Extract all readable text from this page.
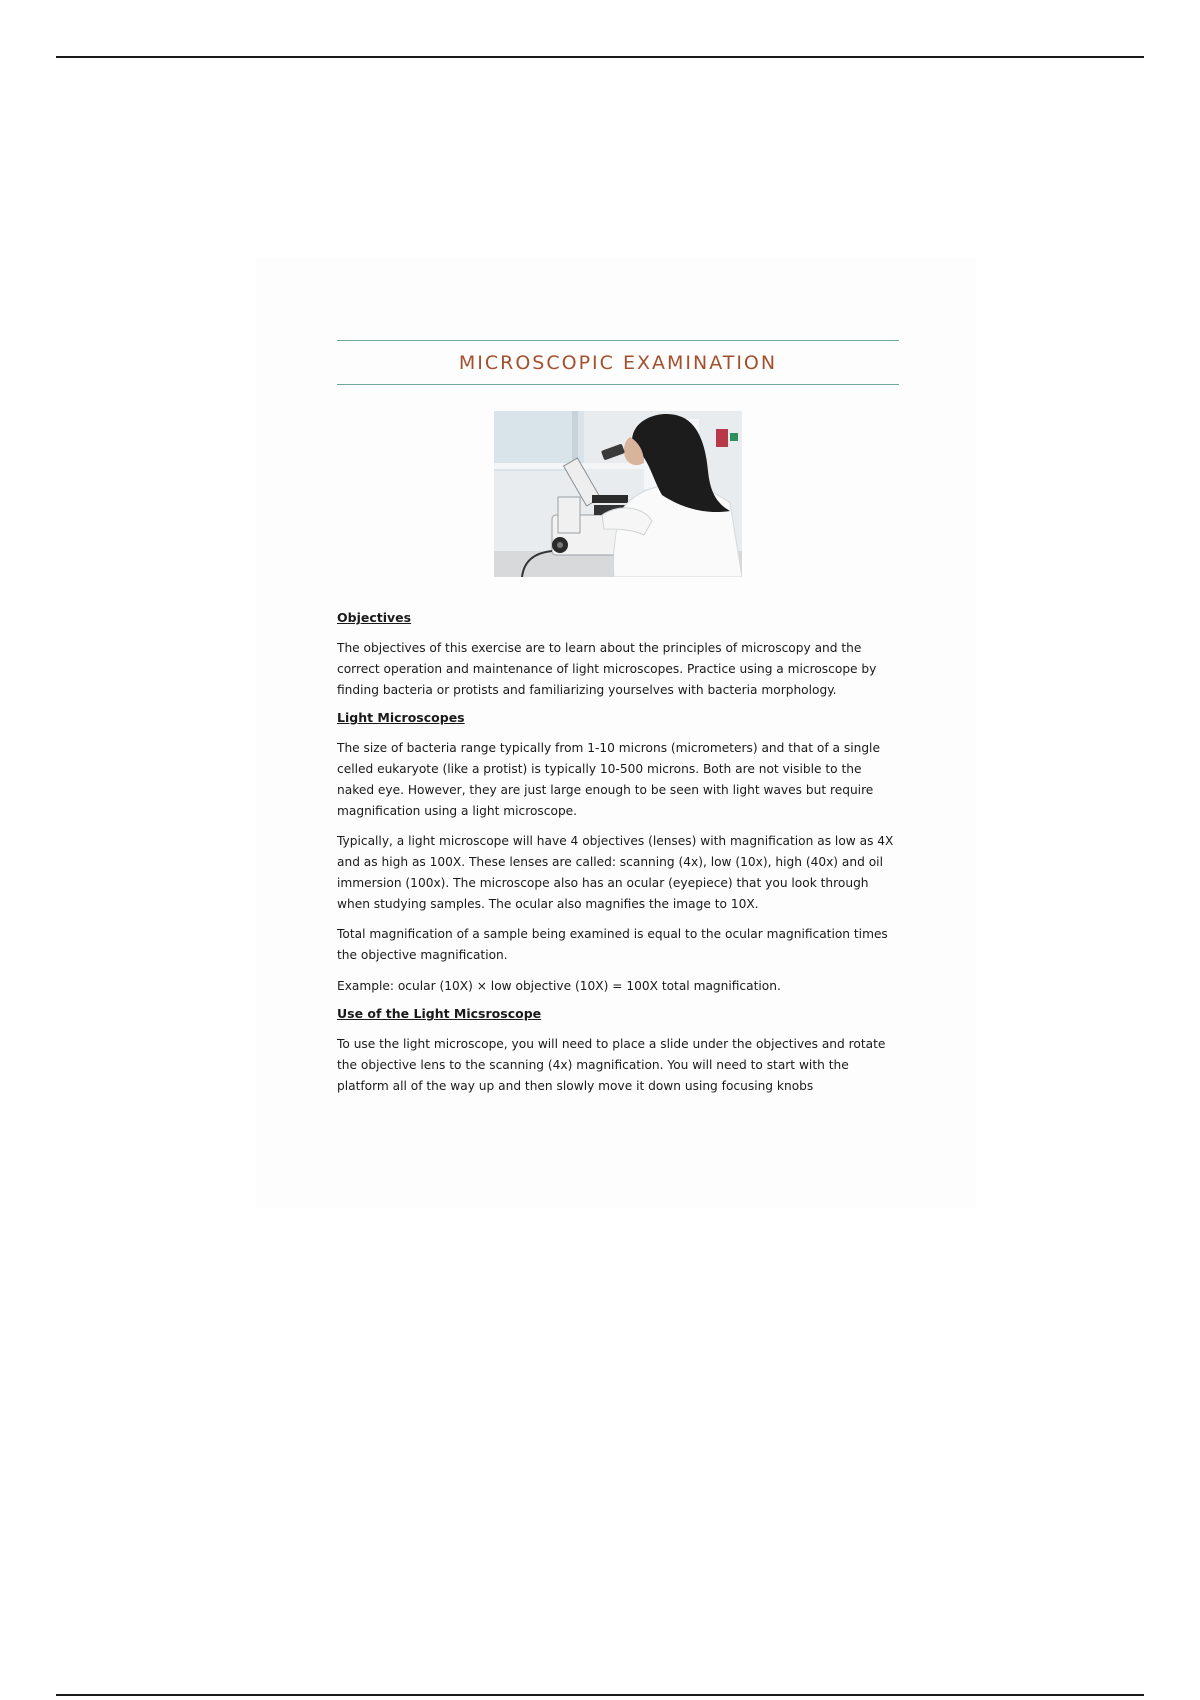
MICROSCOPIC EXAMINATION
Objectives

The objectives of this exercise are to learn about the principles of microscopy and the correct operation and maintenance of light microscopes. Practice using a microscope by finding bacteria or protists and familiarizing yourselves with bacteria morphology.

Light Microscopes

The size of bacteria range typically from 1-10 microns (micrometers) and that of a single celled eukaryote (like a protist) is typically 10-500 microns. Both are not visible to the naked eye. However, they are just large enough to be seen with light waves but require magnification using a light microscope.

Typically, a light microscope will have 4 objectives (lenses) with magnification as low as 4X and as high as 100X. These lenses are called: scanning (4x), low (10x), high (40x) and oil immersion (100x). The microscope also has an ocular (eyepiece) that you look through when studying samples. The ocular also magnifies the image to 10X.

Total magnification of a sample being examined is equal to the ocular magnification times the objective magnification.

Example: ocular (10X) × low objective (10X) = 100X total magnification.

Use of the Light Micsroscope

To use the light microscope, you will need to place a slide under the objectives and rotate the objective lens to the scanning (4x) magnification. You will need to start with the platform all of the way up and then slowly move it down using focusing knobs
